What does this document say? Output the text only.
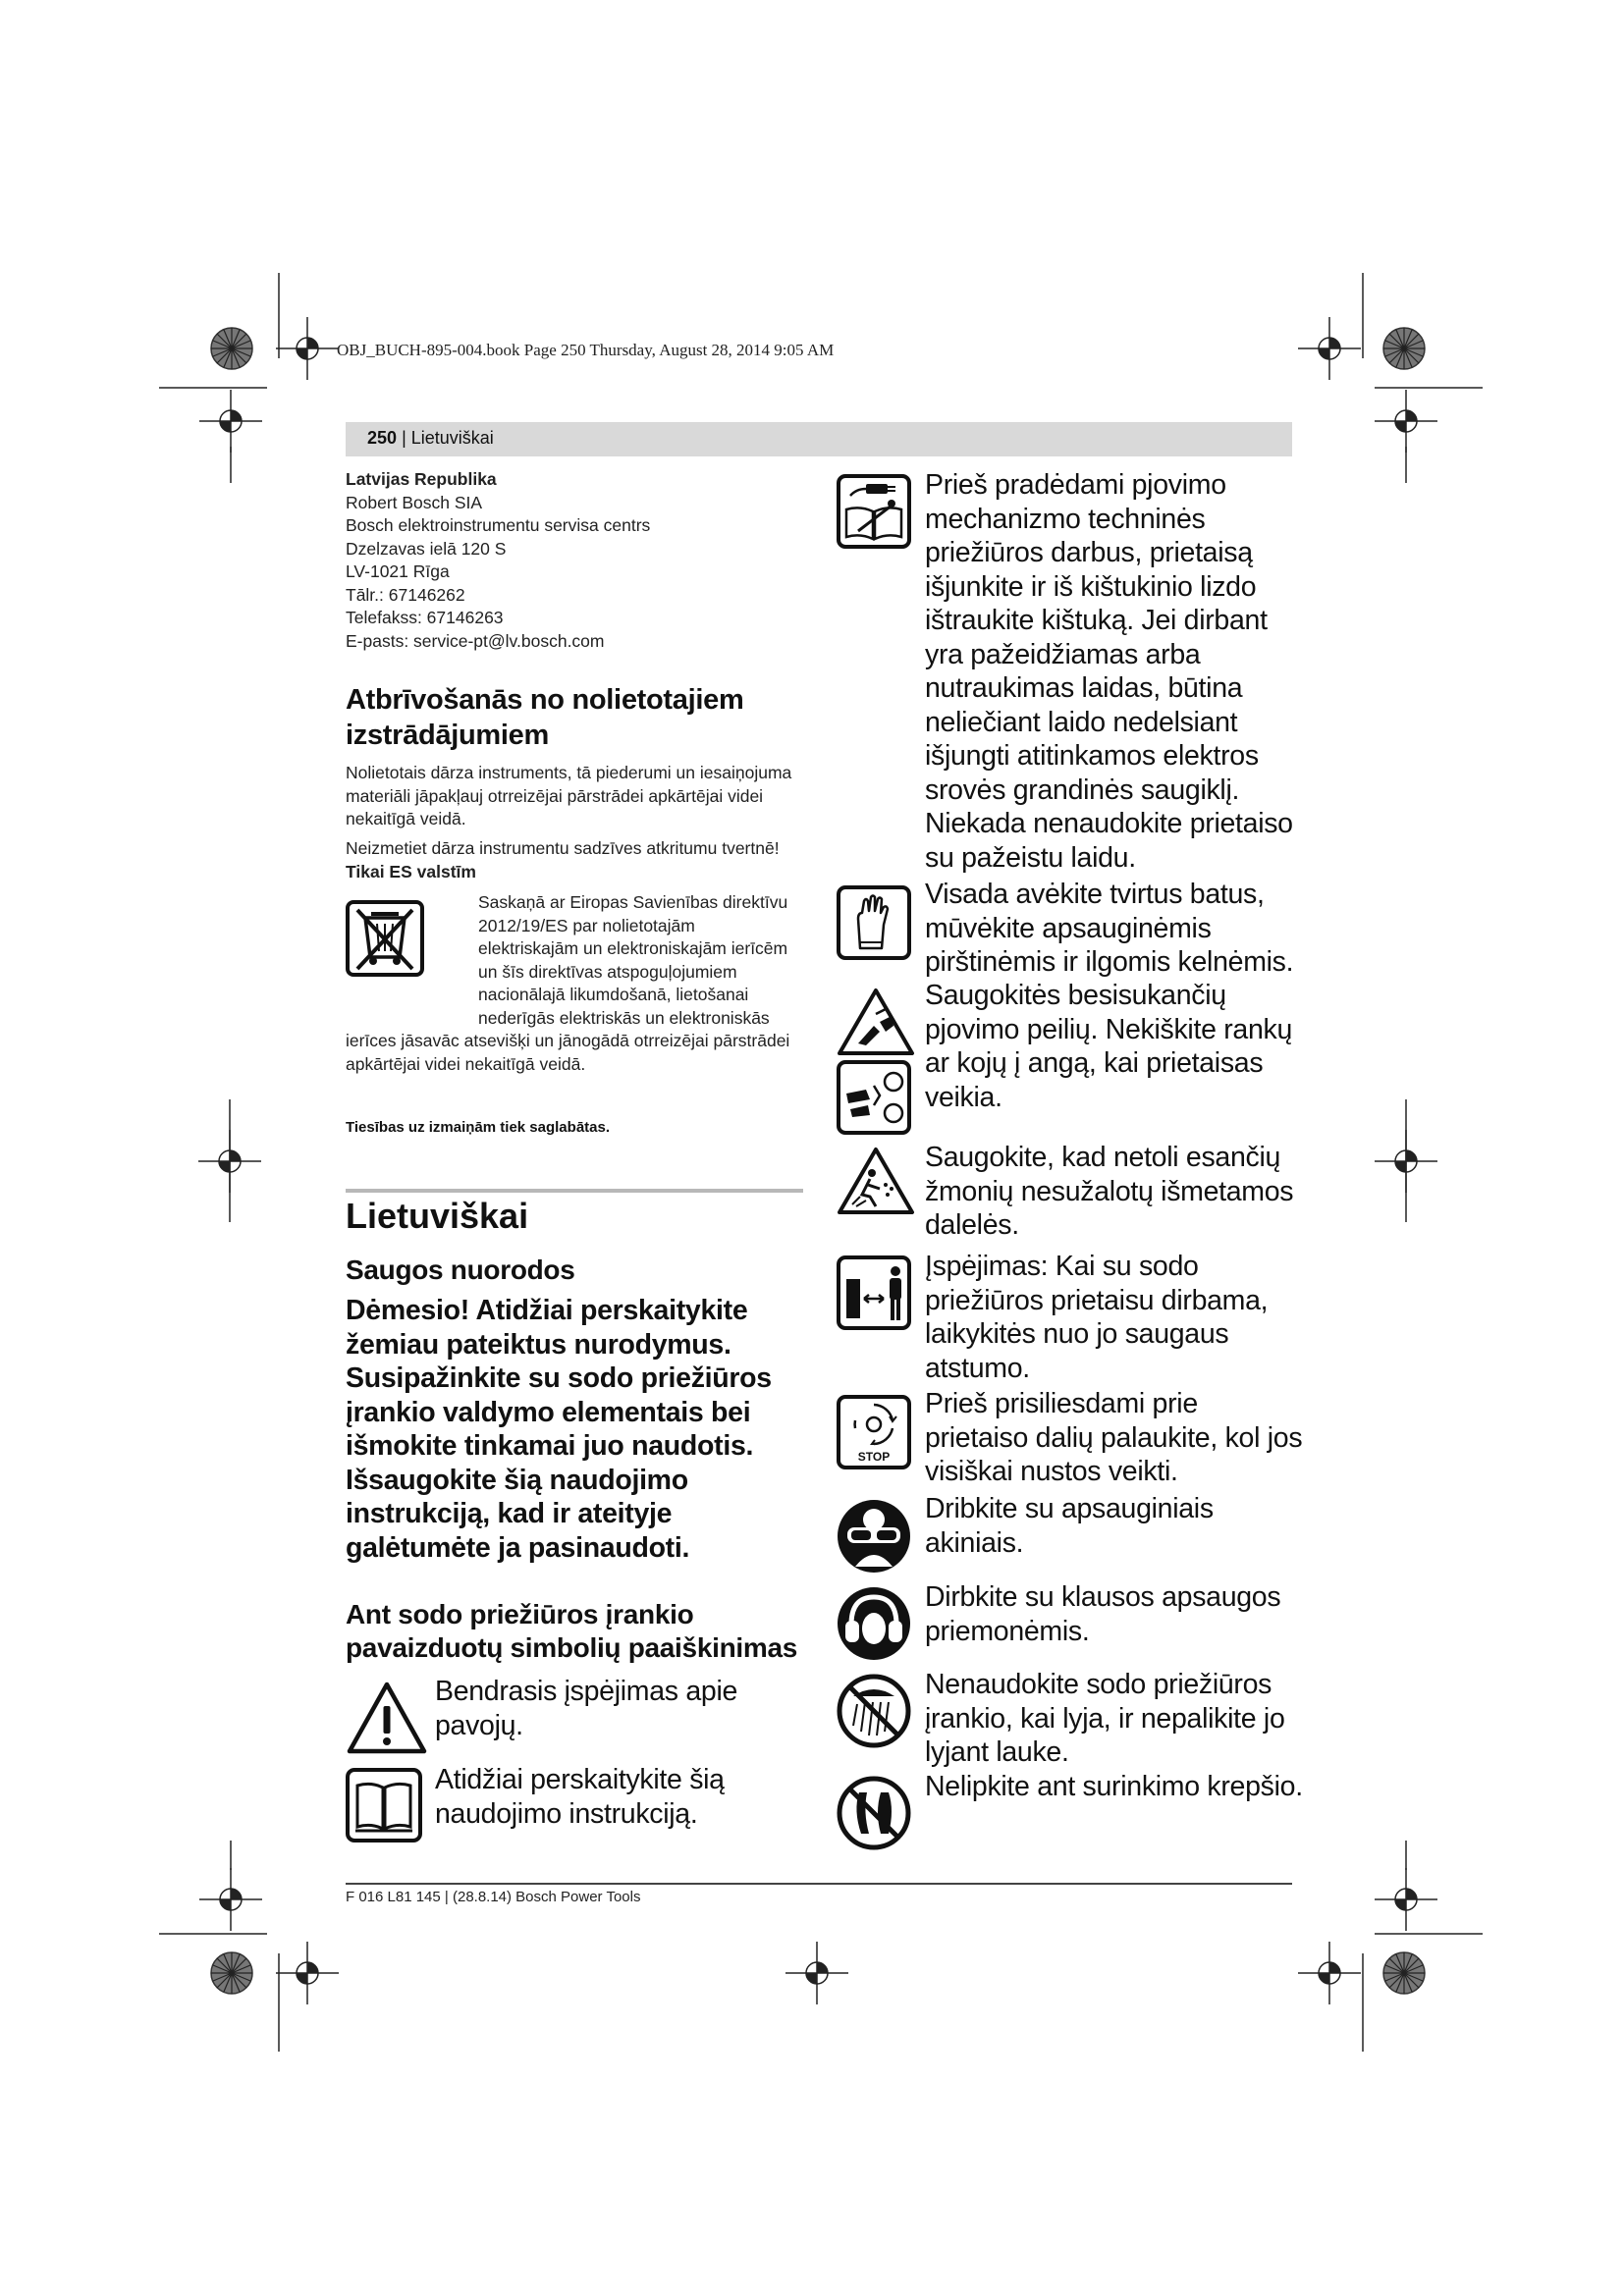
OBJ_BUCH-895-004.book Page 250 Thursday, August 28, 2014 9:05 AM
250 | Lietuviškai
Latvijas Republika
Robert Bosch SIA
Bosch elektroinstrumentu servisa centrs
Dzelzavas ielā 120 S
LV-1021 Rīga
Tālr.: 67146262
Telefakss: 67146263
E-pasts: service-pt@lv.bosch.com
Atbrīvošanās no nolietotajiem
izstrādājumiem
Nolietotais dārza instruments, tā piederumi un iesaiņojuma
materiāli jāpakļauj otrreizējai pārstrādei apkārtējai videi
nekaitīgā veidā.
Neizmetiet dārza instrumentu sadzīves atkritumu tvertnē!
Tikai ES valstīm
Saskaņā ar Eiropas Savienības direktīvu
2012/19/ES par nolietotajām
elektriskajām un elektroniskajām ierīcēm
un šīs direktīvas atspoguļojumiem
nacionālajā likumdošanā, lietošanai
nederīgās elektriskās un elektroniskās
ierīces jāsavāc atsevišķi un jānogādā otrreizējai pārstrādei
apkārtējai videi nekaitīgā veidā.
Tiesības uz izmaiņām tiek saglabātas.
Lietuviškai
Saugos nuorodos
Dėmesio! Atidžiai perskaitykite
žemiau pateiktus nurodymus.
Susipažinkite su sodo priežiūros
įrankio valdymo elementais bei
išmokite tinkamai juo naudotis.
Išsaugokite šią naudojimo
instrukciją, kad ir ateityje
galėtumėte ja pasinaudoti.
Ant sodo priežiūros įrankio
pavaizduotų simbolių paaiškinimas
Bendrasis įspėjimas apie
pavojų.
Atidžiai perskaitykite šią
naudojimo instrukciją.
Prieš pradėdami pjovimo
mechanizmo techninės
priežiūros darbus, prietaisą
išjunkite ir iš kištukinio lizdo
ištraukite kištuką. Jei dirbant
yra pažeidžiamas arba
nutraukimas laidas, būtina
neliečiant laido nedelsiant
išjungti atitinkamos elektros
srovės grandinės saugiklį.
Niekada nenaudokite prietaiso
su pažeistu laidu.
Visada avėkite tvirtus batus,
mūvėkite apsauginėmis
pirštinėmis ir ilgomis kelnėmis.
Saugokitės besisukančių
pjovimo peilių. Nekiškite rankų
ar kojų į angą, kai prietaisas
veikia.
Saugokite, kad netoli esančių
žmonių nesužalotų išmetamos
dalelės.
Įspėjimas: Kai su sodo
priežiūros prietaisu dirbama,
laikykitės nuo jo saugaus
atstumo.
STOP
Prieš prisiliesdami prie
prietaiso dalių palaukite, kol jos
visiškai nustos veikti.
Dribkite su apsauginiais
akiniais.
Dirbkite su klausos apsaugos
priemonėmis.
Nenaudokite sodo priežiūros
įrankio, kai lyja, ir nepalikite jo
lyjant lauke.
Nelipkite ant surinkimo krepšio.
F 016 L81 145 | (28.8.14) Bosch Power Tools
